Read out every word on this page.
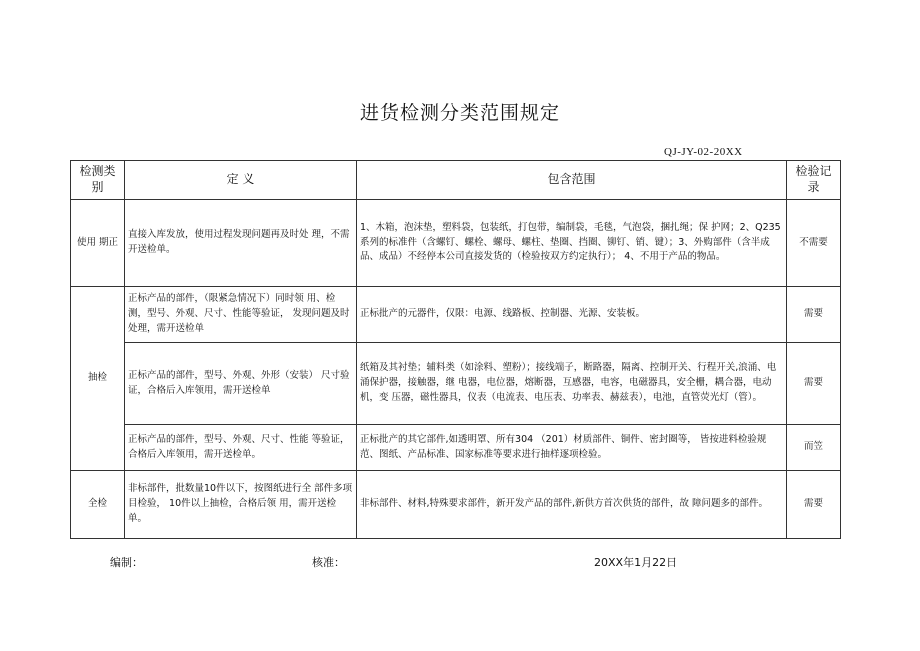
进货检测分类范围规定
QJ-JY-02-20XX
检测类别	定 义	包含范围	检验记录
使用 期正	直接入库发放，使用过程发现问题再及时处 理，不需开送检单。	1、木箱，泡沫垫，塑料袋，包装纸，打包带，编制袋，毛毯，气泡袋，捆扎绳；保 护网；2、Q235系列的标准件（含螺钉、螺栓、螺母、螺柱、垫圈、挡圈、铆钉、销、键）；3、外购部件（含半成品、成品）不经停本公司直接发货的（检验按双方约定执行）； 4、不用于产品的物品。	不需要
抽检	正标产品的部件，（限紧急情况下）同时领 用、检测，型号、外观、尺寸、性能等验证， 发现问题及时处理，需开送检单	正标批产的元器件，仅限：电源、线路板、控制器、光源、安装板。	需要
	正标产品的部件，型号、外观、外形（安装） 尺寸验证，合格后入库领用，需开送检单	纸箱及其衬垫；辅料类（如涂料、塑粉）；接线端子，断路器，隔离、控制开关、行程开关,浪涌、电涌保护器，接触器，继 电器，电位器，熔断器，互感器，电容，电磁器具，安全栅，耦合器，电动机，变 压器，磁性器具，仪表（电流表、电压表、功率表、赫兹表），电池，直管荧光灯（管）。	需要
	正标产品的部件，型号、外观、尺寸、性能 等验证，合格后入库领用，需开送检单。	正标批产的其它部件,如透明罩、所有304 （201）材质部件、铜件、密封圈等， 皆按进料检验规范、图纸、产品标准、国家标准等要求进行抽样逐项检验。	而笠
全检	非标部件，批数量10件以下，按图纸进行全 部件多项目检验， 10件以上抽检，合格后领 用，需开送检单。	非标部件、材料,特殊要求部件，新开发产品的部件,新供方首次供货的部件，故 障问题多的部件。	需要
编制：	核准：	20XX年1月22日
